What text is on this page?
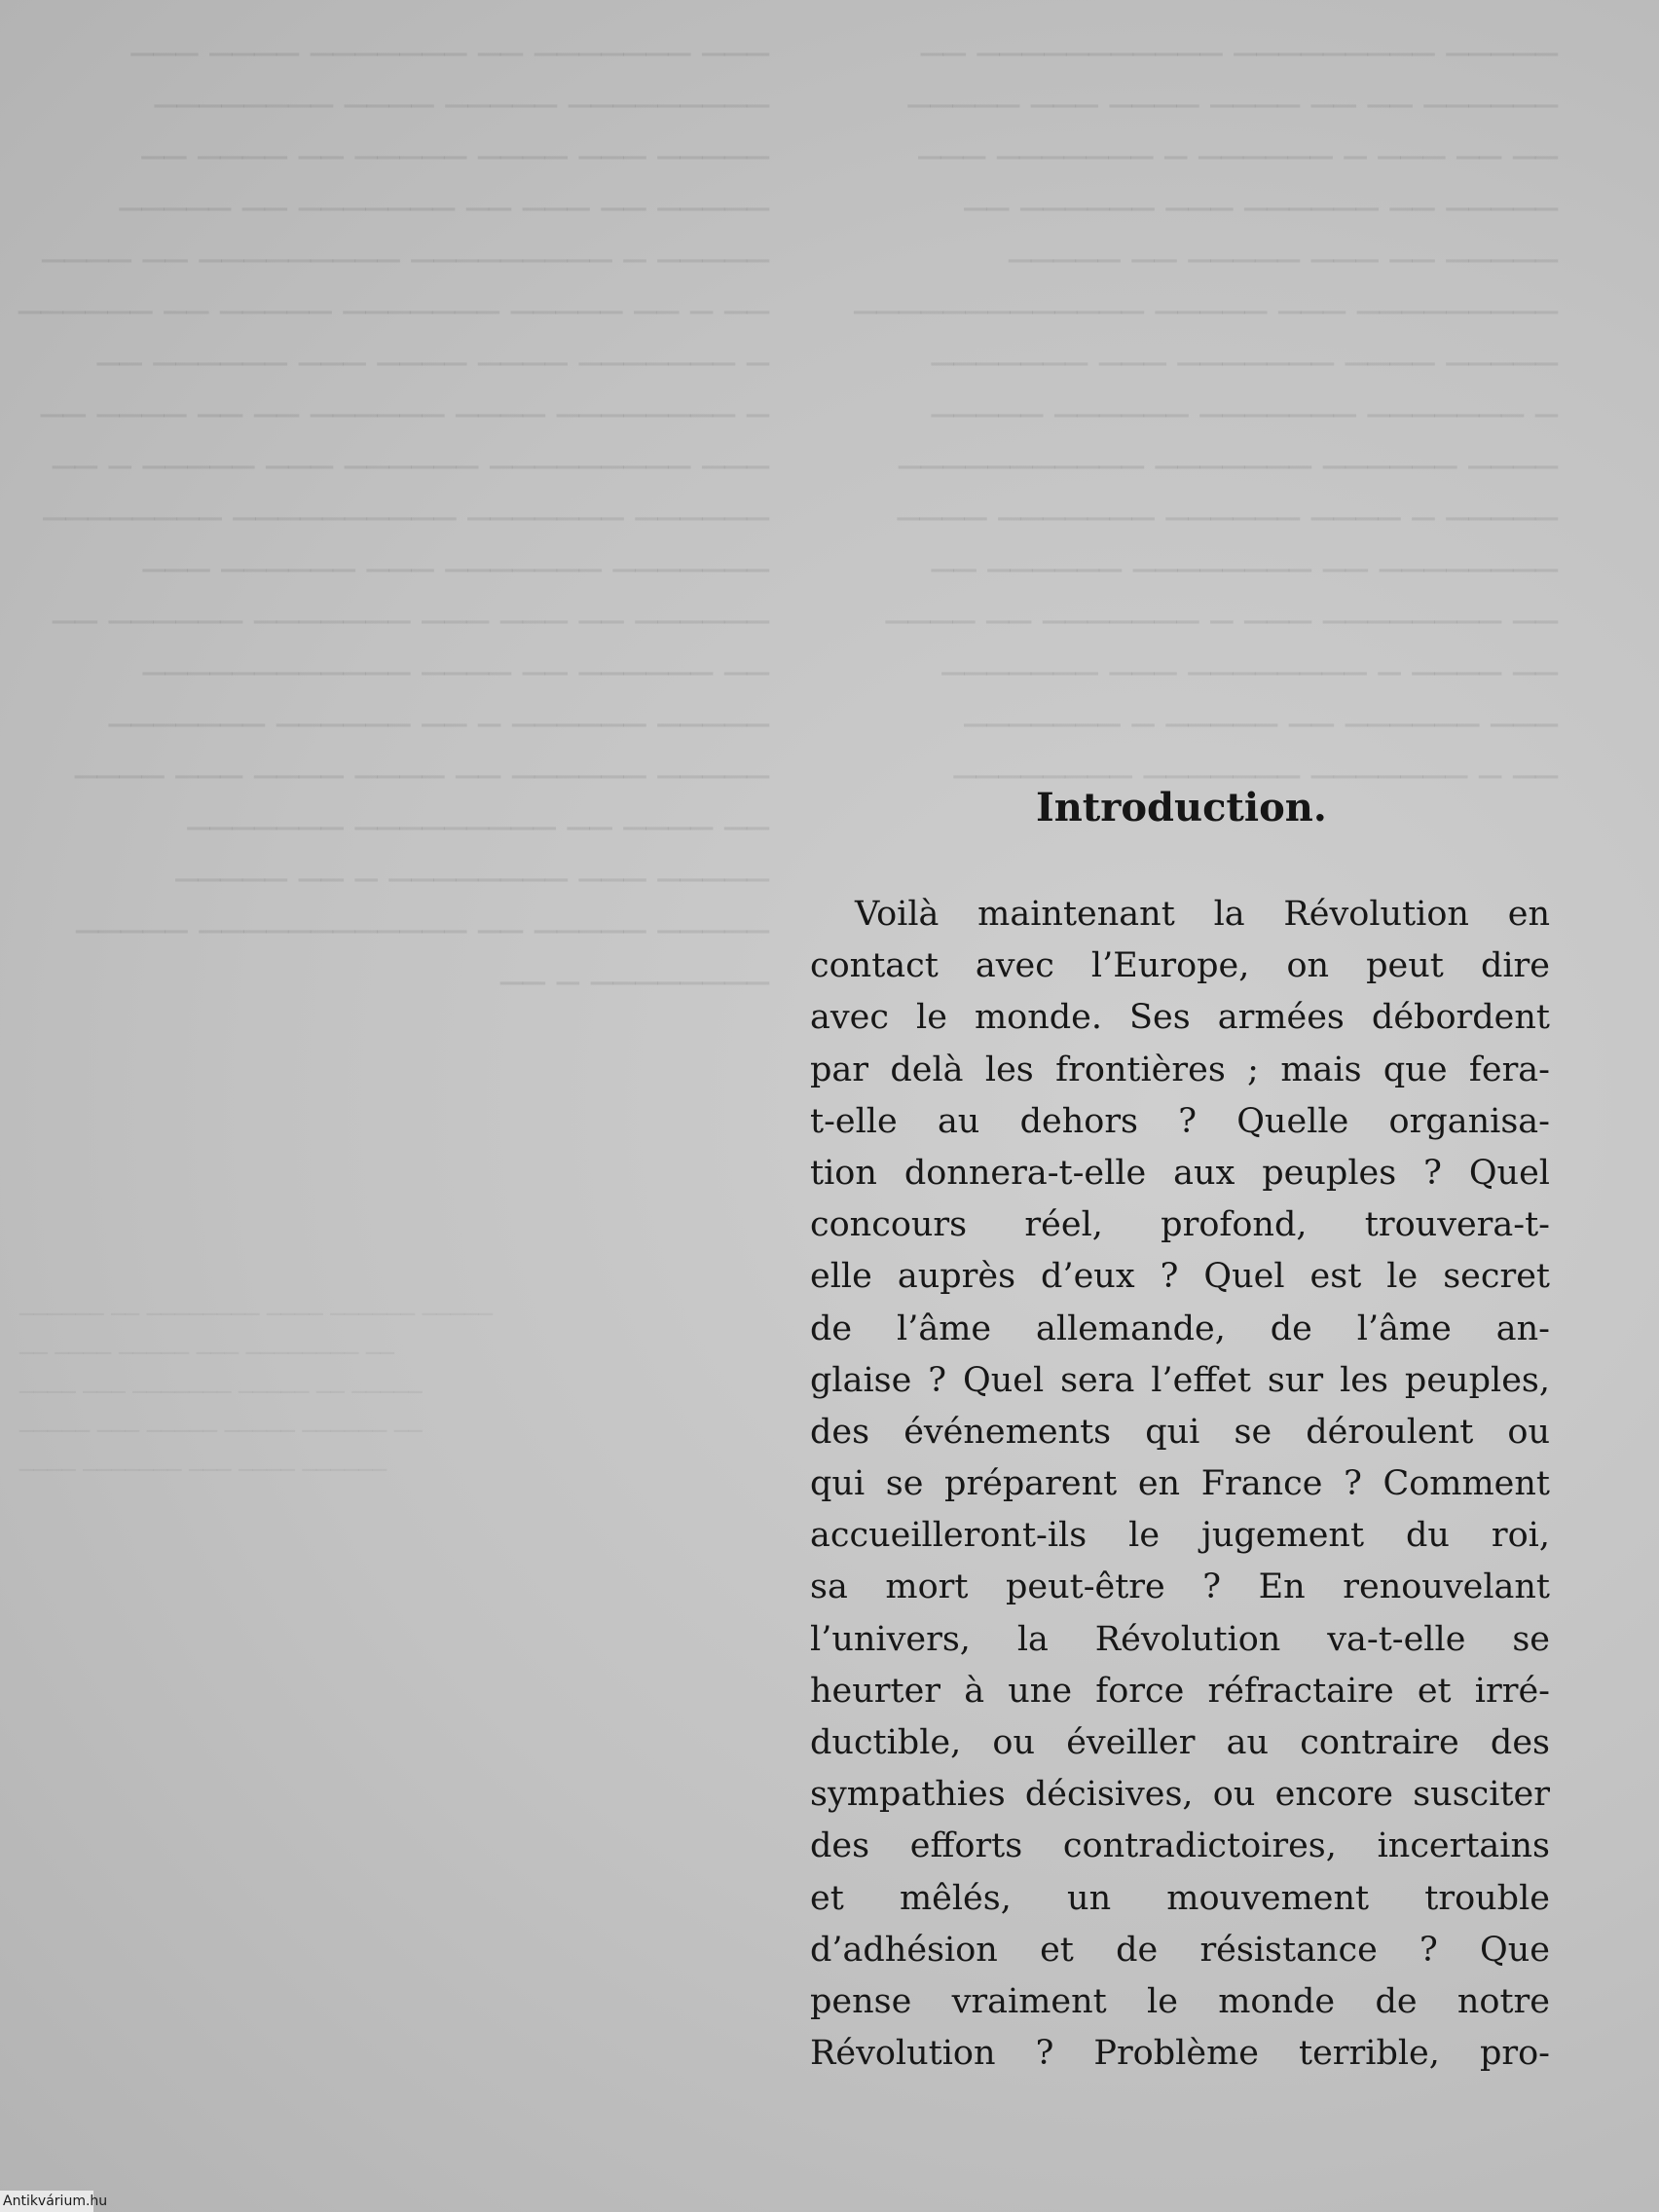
─── ──── ─────── ── ─────── ───
──────── ──── ───── ─────────
── ──── ── ───── ──── ─── ─────
───── ── ─────── ── ─── ── ─────
──── ── ───────── ───────── ─ ─────
────── ── ───── ─────── ───── ── ─ ──
── ────── ─── ──── ──── ─────── ─
── ──── ── ── ────── ──── ──────── ─
── ─ ───── ─── ────── ───────── ───
──────── ────────── ─────── ──────
─── ────── ─── ─────── ───────
── ────── ─────── ─── ─── ── ──────
──────────── ──── ── ────── ──
─────── ────── ── ─ ────── ─────
──── ─── ──── ──── ── ────── ─────
─────── ───────── ── ──── ──
───── ── ─ ──────── ─── ─────
───── ──────────── ── ───── ─────
── ─ ────────
── ─────────── ───────── ─────
───── ─── ──── ──── ── ── ──────
─── ─────── ─ ────── ─ ─── ── ──
── ────── ─── ────── ── ─────
───── ── ───── ─── ── ─────
───────────── ───── ─── ─────────
─────── ─── ─────── ──── ─────
───── ────── ─────── ─────── ─
─────────── ─────── ────── ────
──── ─────── ────── ──── ─ ─────
── ────── ──────── ── ────────
──── ── ─────── ─ ─── ──────── ──
─────── ─── ──────── ─ ──── ──
─────── ─ ───── ── ────── ───
──────── ─────── ─────── ─ ──
────── ── ──────── ──── ────── ─────
── ──── ───── ─── ──────── ──
──── ─── ─────── ───── ── ─────
───── ─── ───── ───── ────── ──
──── ─────── ─── ──── ──────
Introduction.
Voilà maintenant la Révolution en
contact avec l’Europe, on peut dire
avec le monde. Ses armées débordent
par delà les frontières ; mais que fera-
t-elle au dehors ? Quelle organisa-
tion donnera-t-elle aux peuples ? Quel
concours réel, profond, trouvera-t-
elle auprès d’eux ? Quel est le secret
de l’âme allemande, de l’âme an-
glaise ? Quel sera l’effet sur les peuples,
des événements qui se déroulent ou
qui se préparent en France ? Comment
accueilleront-ils le jugement du roi,
sa mort peut-être ? En renouvelant
l’univers, la Révolution va-t-elle se
heurter à une force réfractaire et irré-
ductible, ou éveiller au contraire des
sympathies décisives, ou encore susciter
des efforts contradictoires, incertains
et mêlés, un mouvement trouble
d’adhésion et de résistance ? Que
pense vraiment le monde de notre
Révolution ? Problème terrible, pro-
Antikvárium.hu
